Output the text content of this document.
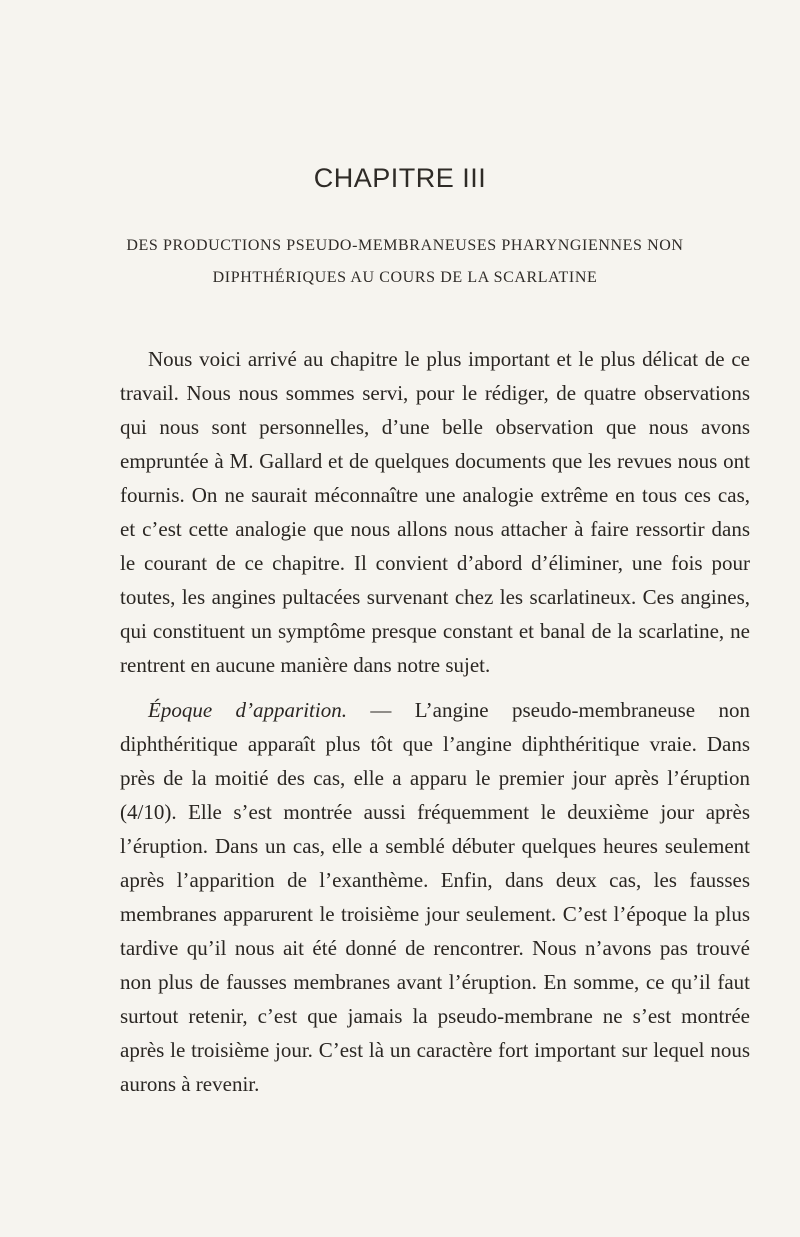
CHAPITRE III
DES PRODUCTIONS PSEUDO-MEMBRANEUSES PHARYNGIENNES NON DIPHTHÉRIQUES AU COURS DE LA SCARLATINE

Nous voici arrivé au chapitre le plus important et le plus délicat de ce travail. Nous nous sommes servi, pour le rédiger, de quatre observations qui nous sont personnelles, d’une belle observation que nous avons empruntée à M. Gallard et de quelques documents que les revues nous ont fournis. On ne saurait méconnaître une analogie extrême en tous ces cas, et c’est cette analogie que nous allons nous attacher à faire ressortir dans le courant de ce chapitre. Il convient d’abord d’éliminer, une fois pour toutes, les angines pultacées survenant chez les scarlatineux. Ces angines, qui constituent un symptôme presque constant et banal de la scarlatine, ne rentrent en aucune manière dans notre sujet.

Époque d’apparition. — L’angine pseudo-membraneuse non diphthéritique apparaît plus tôt que l’angine diphthéritique vraie. Dans près de la moitié des cas, elle a apparu le premier jour après l’éruption (4/10). Elle s’est montrée aussi fréquemment le deuxième jour après l’éruption. Dans un cas, elle a semblé débuter quelques heures seulement après l’apparition de l’exanthème. Enfin, dans deux cas, les fausses membranes apparurent le troisième jour seulement. C’est l’époque la plus tardive qu’il nous ait été donné de rencontrer. Nous n’avons pas trouvé non plus de fausses membranes avant l’éruption. En somme, ce qu’il faut surtout retenir, c’est que jamais la pseudo-membrane ne s’est montrée après le troisième jour. C’est là un caractère fort important sur lequel nous aurons à revenir.
